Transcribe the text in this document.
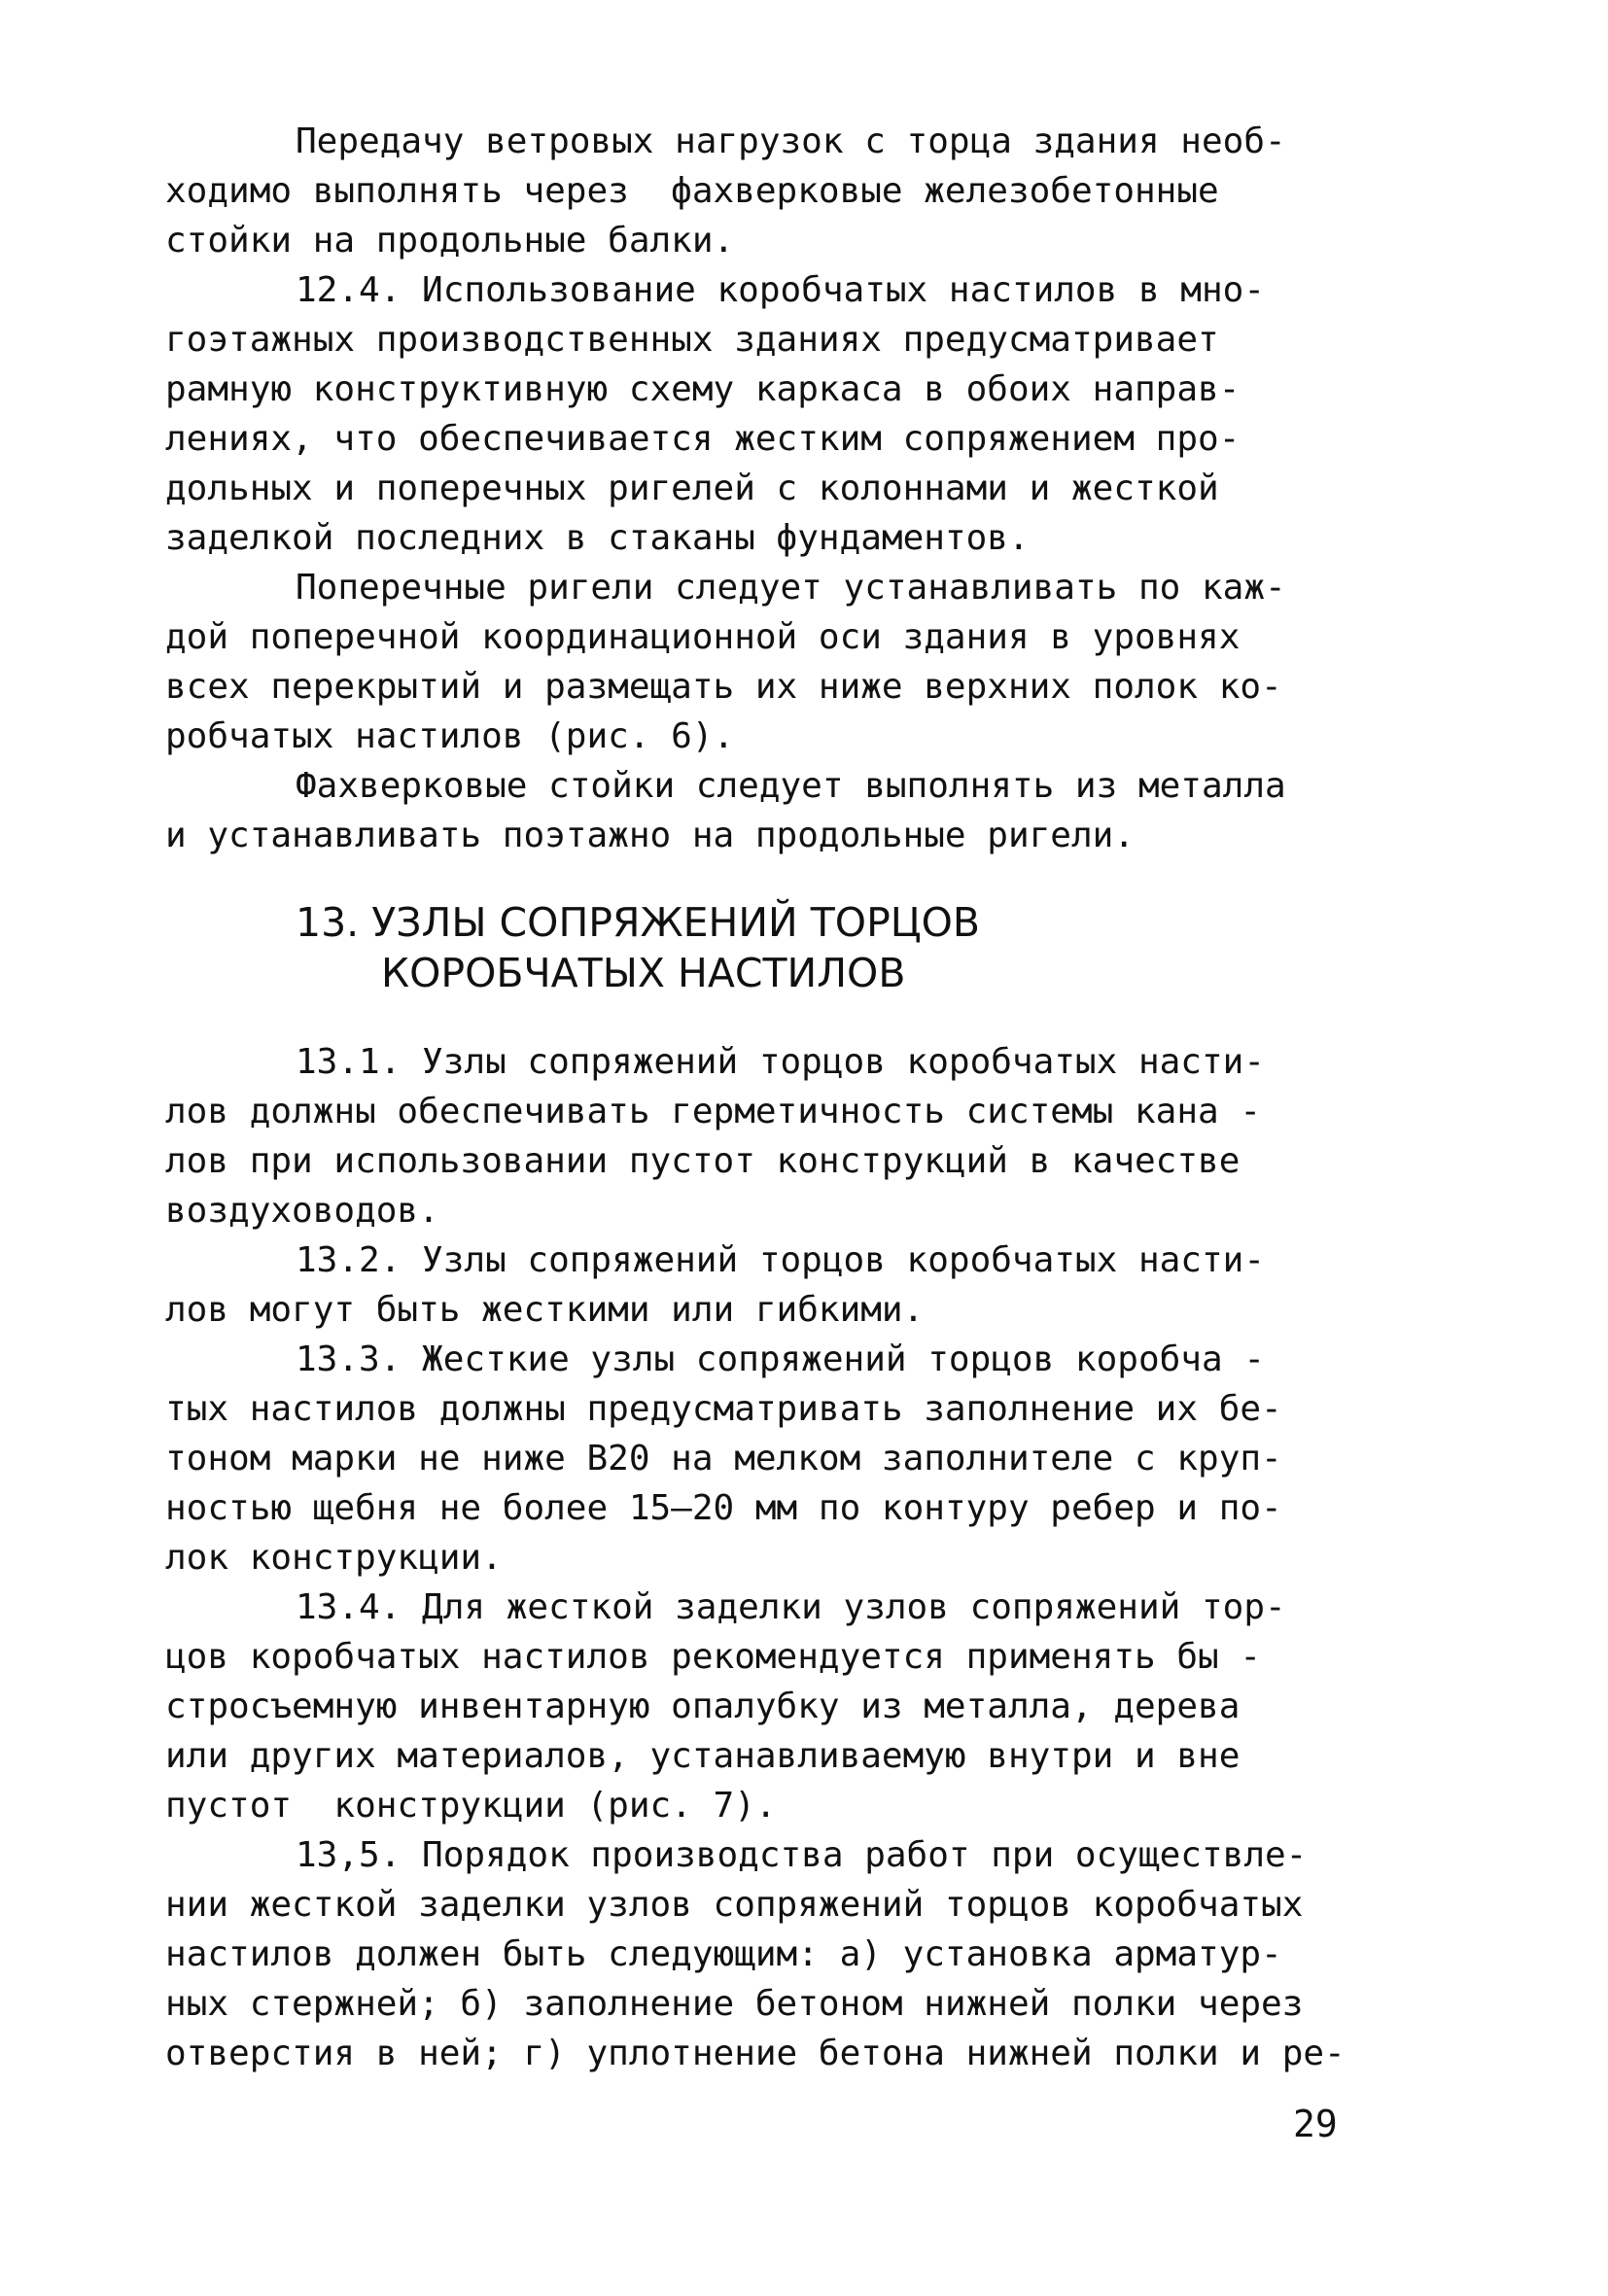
Передачу ветровых нагрузок с торца здания необ-
ходимо выполнять через  фахверковые железобетонные
стойки на продольные балки.
12.4. Использование коробчатых настилов в мно-
гоэтажных производственных зданиях предусматривает
рамную конструктивную схему каркаса в обоих направ-
лениях, что обеспечивается жестким сопряжением про-
дольных и поперечных ригелей с колоннами и жесткой
заделкой последних в стаканы фундаментов.
Поперечные ригели следует устанавливать по каж-
дой поперечной координационной оси здания в уровнях
всех перекрытий и размещать их ниже верхних полок ко-
робчатых настилов (рис. 6).
Фахверковые стойки следует выполнять из металла
и устанавливать поэтажно на продольные ригели.
13. УЗЛЫ СОПРЯЖЕНИЙ ТОРЦОВ
КОРОБЧАТЫХ НАСТИЛОВ
13.1. Узлы сопряжений торцов коробчатых насти-
лов должны обеспечивать герметичность системы кана -
лов при использовании пустот конструкций в качестве
воздуховодов.
13.2. Узлы сопряжений торцов коробчатых насти-
лов могут быть жесткими или гибкими.
13.3. Жесткие узлы сопряжений торцов коробча -
тых настилов должны предусматривать заполнение их бе-
тоном марки не ниже В20 на мелком заполнителе с круп-
ностью щебня не более 15–20 мм по контуру ребер и по-
лок конструкции.
13.4. Для жесткой заделки узлов сопряжений тор-
цов коробчатых настилов рекомендуется применять бы -
стросъемную инвентарную опалубку из металла, дерева
или других материалов, устанавливаемую внутри и вне
пустот  конструкции (рис. 7).
13,5. Порядок производства работ при осуществле-
нии жесткой заделки узлов сопряжений торцов коробчатых
настилов должен быть следующим: а) установка арматур-
ных стержней; б) заполнение бетоном нижней полки через
отверстия в ней; г) уплотнение бетона нижней полки и ре-
29
